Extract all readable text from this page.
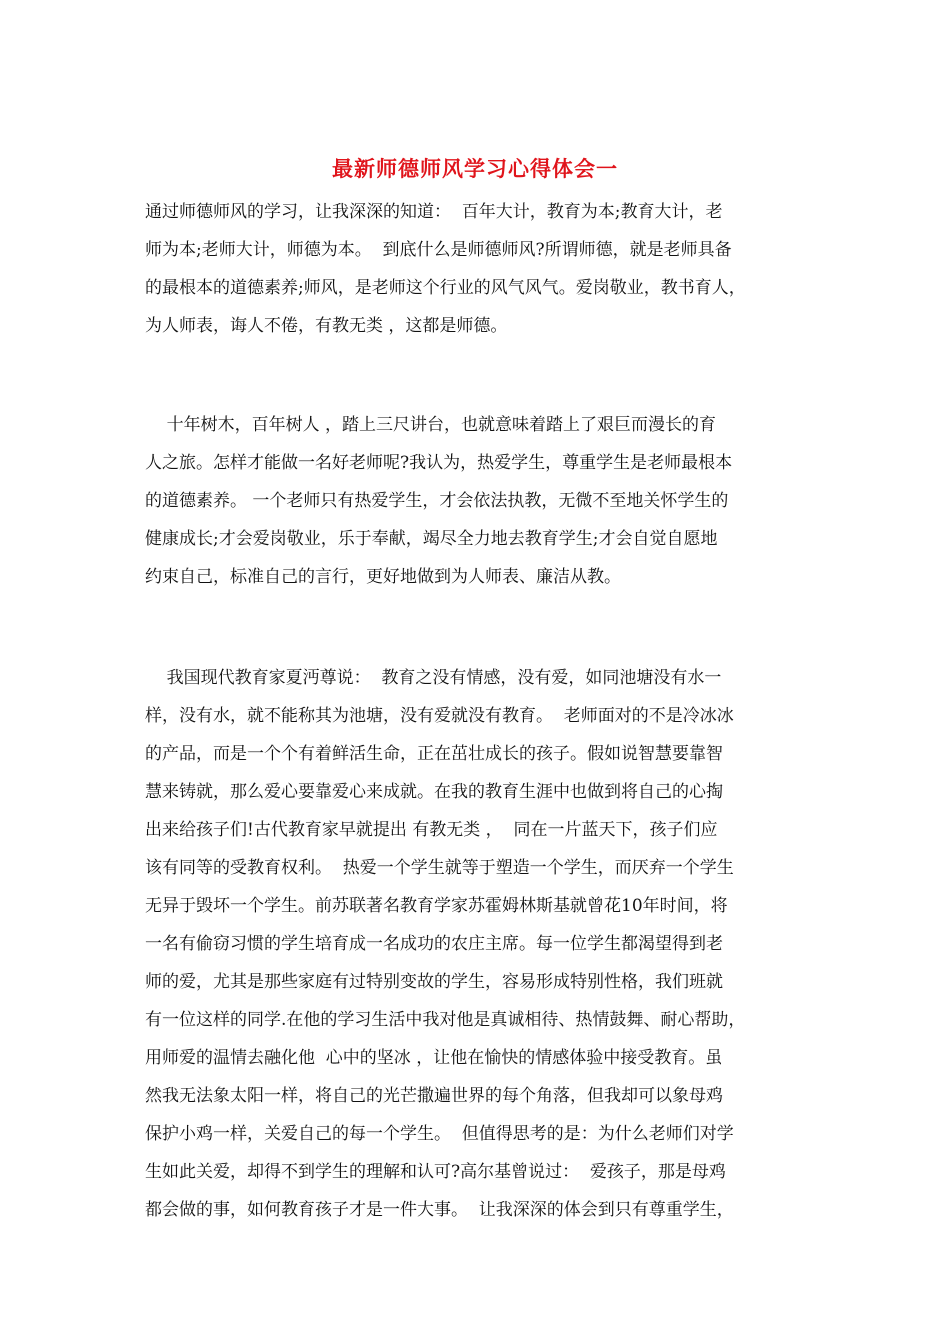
最新师德师风学习心得体会一
通过师德师风的学习，让我深深的知道：  百年大计，教育为本;教育大计，老
师为本;老师大计，师德为本。  到底什么是师德师风?所谓师德，就是老师具备
的最根本的道德素养;师风，是老师这个行业的风气风气。爱岗敬业，教书育人，
为人师表，诲人不倦，有教无类 ，这都是师德。
十年树木，百年树人 ，踏上三尺讲台，也就意味着踏上了艰巨而漫长的育
人之旅。怎样才能做一名好老师呢?我认为，热爱学生，尊重学生是老师最根本
的道德素养。 一个老师只有热爱学生，才会依法执教，无微不至地关怀学生的
健康成长;才会爱岗敬业，乐于奉献，竭尽全力地去教育学生;才会自觉自愿地
约束自己，标准自己的言行，更好地做到为人师表、廉洁从教。
我国现代教育家夏沔尊说：  教育之没有情感，没有爱，如同池塘没有水一
样，没有水，就不能称其为池塘，没有爱就没有教育。  老师面对的不是冷冰冰
的产品，而是一个个有着鲜活生命，正在茁壮成长的孩子。假如说智慧要靠智
慧来铸就，那么爱心要靠爱心来成就。在我的教育生涯中也做到将自己的心掏
出来给孩子们!古代教育家早就提出 有教无类 ，  同在一片蓝天下，孩子们应
该有同等的受教育权利。  热爱一个学生就等于塑造一个学生，而厌弃一个学生
无异于毁坏一个学生。前苏联著名教育学家苏霍姆林斯基就曾花10年时间，将
一名有偷窃习惯的学生培育成一名成功的农庄主席。每一位学生都渴望得到老
师的爱，尤其是那些家庭有过特别变故的学生，容易形成特别性格，我们班就
有一位这样的同学.在他的学习生活中我对他是真诚相待、热情鼓舞、耐心帮助，
用师爱的温情去融化他  心中的坚冰 ，让他在愉快的情感体验中接受教育。虽
然我无法象太阳一样，将自己的光芒撒遍世界的每个角落，但我却可以象母鸡
保护小鸡一样，关爱自己的每一个学生。  但值得思考的是：为什么老师们对学
生如此关爱，却得不到学生的理解和认可?高尔基曾说过：  爱孩子，那是母鸡
都会做的事，如何教育孩子才是一件大事。  让我深深的体会到只有尊重学生，
